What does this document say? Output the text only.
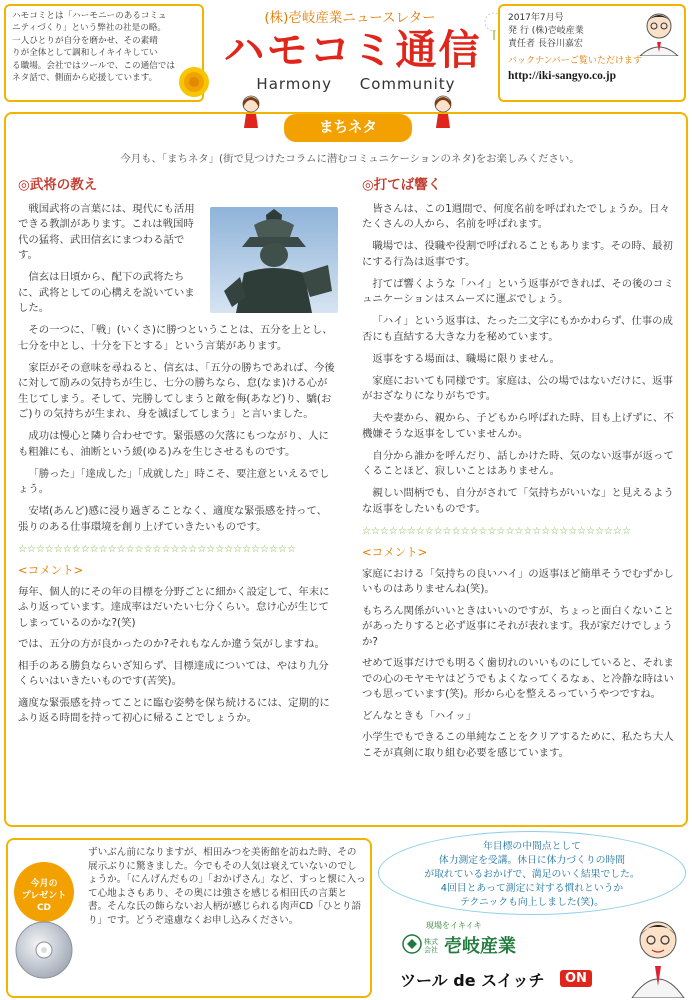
ハモコミとは「ハーモニーのあるコミュ
ニティづくり」という弊社の社是の略。
一人ひとりが自分を磨かせ、その素晴
りが全体として調和しイキイキしてい
る職場。会社ではツールで、この通信では
ネタ話で、側面から応援しています。
(株)壱岐産業ニュースレター
ハモコミ通信
Harmony Community
2017年7月号
発 行 (株)壱岐産業
責任者 長谷川嘉宏
バックナンバーご覧いただけます
http://iki-sangyo.co.jp
まちネタ
今月も、「まちネタ」(街で見つけたコラムに潜むコミュニケーションのネタ)をお楽しみください。
◎武将の教え

戦国武将の言葉には、現代にも活用できる教訓があります。これは戦国時代の猛将、武田信玄にまつわる話です。

信玄は日頃から、配下の武将たちに、武将としての心構えを説いていました。

その一つに、「戦」(いくさ)に勝つということは、五分を上とし、七分を中とし、十分を下とする」という言葉があります。

家臣がその意味を尋ねると、信玄は、「五分の勝ちであれば、今後に対して励みの気持ちが生じ、七分の勝ちなら、怠(なま)ける心が生じてしまう。そして、完勝してしまうと敵を侮(あなど)り、驕(おご)りの気持ちが生まれ、身を滅ぼしてしまう」と言いました。

成功は慢心と隣り合わせです。緊張感の欠落にもつながり、人にも粗雑にも、油断という緩(ゆる)みを生じさせるものです。

「勝った」「達成した」「成就した」時こそ、要注意といえるでしょう。

安堵(あんど)感に浸り過ぎることなく、適度な緊張感を持って、張りのある仕事環境を創り上げていきたいものです。

☆☆☆☆☆☆☆☆☆☆☆☆☆☆☆☆☆☆☆☆☆☆☆☆☆☆☆☆☆☆☆
<コメント>
毎年、個人的にその年の目標を分野ごとに細かく設定して、年末にふり返っています。達成率はだいたい七分くらい。怠け心が生じてしまっているのかな?(笑)
では、五分の方が良かったのか?それもなんか違う気がしますね。
相手のある勝負ならいざ知らず、目標達成については、やはり九分くらいはいきたいものです(苦笑)。
適度な緊張感を持ってことに臨む姿勢を保ち続けるには、定期的にふり返る時間を持って初心に帰ることでしょうか。
◎打てば響く

皆さんは、この1週間で、何度名前を呼ばれたでしょうか。日々たくさんの人から、名前を呼ばれます。

職場では、役職や役割で呼ばれることもあります。その時、最初にする行為は返事です。

打てば響くような「ハイ」という返事ができれば、その後のコミュニケーションはスムーズに運ぶでしょう。

「ハイ」という返事は、たった二文字にもかかわらず、仕事の成否にも直結する大きな力を秘めています。

返事をする場面は、職場に限りません。

家庭においても同様です。家庭は、公の場ではないだけに、返事がおざなりになりがちです。

夫や妻から、親から、子どもから呼ばれた時、目も上げずに、不機嫌そうな返事をしていませんか。

自分から誰かを呼んだり、話しかけた時、気のない返事が返ってくることほど、寂しいことはありません。

親しい間柄でも、自分がされて「気持ちがいいな」と見えるような返事をしたいものです。

☆☆☆☆☆☆☆☆☆☆☆☆☆☆☆☆☆☆☆☆☆☆☆☆☆☆☆☆☆☆
<コメント>
家庭における「気持ちの良いハイ」の返事ほど簡単そうでむずかしいものはありませんね(笑)。
もちろん関係がいいときはいいのですが、ちょっと面白くないことがあったりすると必ず返事にそれが表れます。我が家だけでしょうか?
せめて返事だけでも明るく歯切れのいいものにしていると、それまでの心のモヤモヤはどうでもよくなってくるなぁ、と冷静な時はいつも思っています(笑)。形から心を整えるっていうやつですね。
どんなときも「ハイッ」
小学生でもできるこの単純なことをクリアするために、私たち大人こそが真剣に取り組む必要を感じています。
年目標の中間点として
体力測定を受講。休日に体力づくりの時間
が取れているおかげで、満足のいく結果でした。
4回目とあって測定に対する慣れというか
テクニックも向上しました(笑)。
今月の
プレゼント
CD
ずいぶん前になりますが、相田みつを美術館を訪ねた時、その展示ぶりに驚きました。今でもその人気は衰えていないのでしょうか。「にんげんだもの」「おかげさん」など、すっと懐に入って心地よさもあり、その奥には強さを感じる相田氏の言葉と書。そんな氏の飾らないお人柄が感じられる肉声CD「ひとり語り」です。どうぞ遠慮なくお申し込みください。	現場をイキイキ
株式会社 壱岐産業
ツール de スイッチ	ON
